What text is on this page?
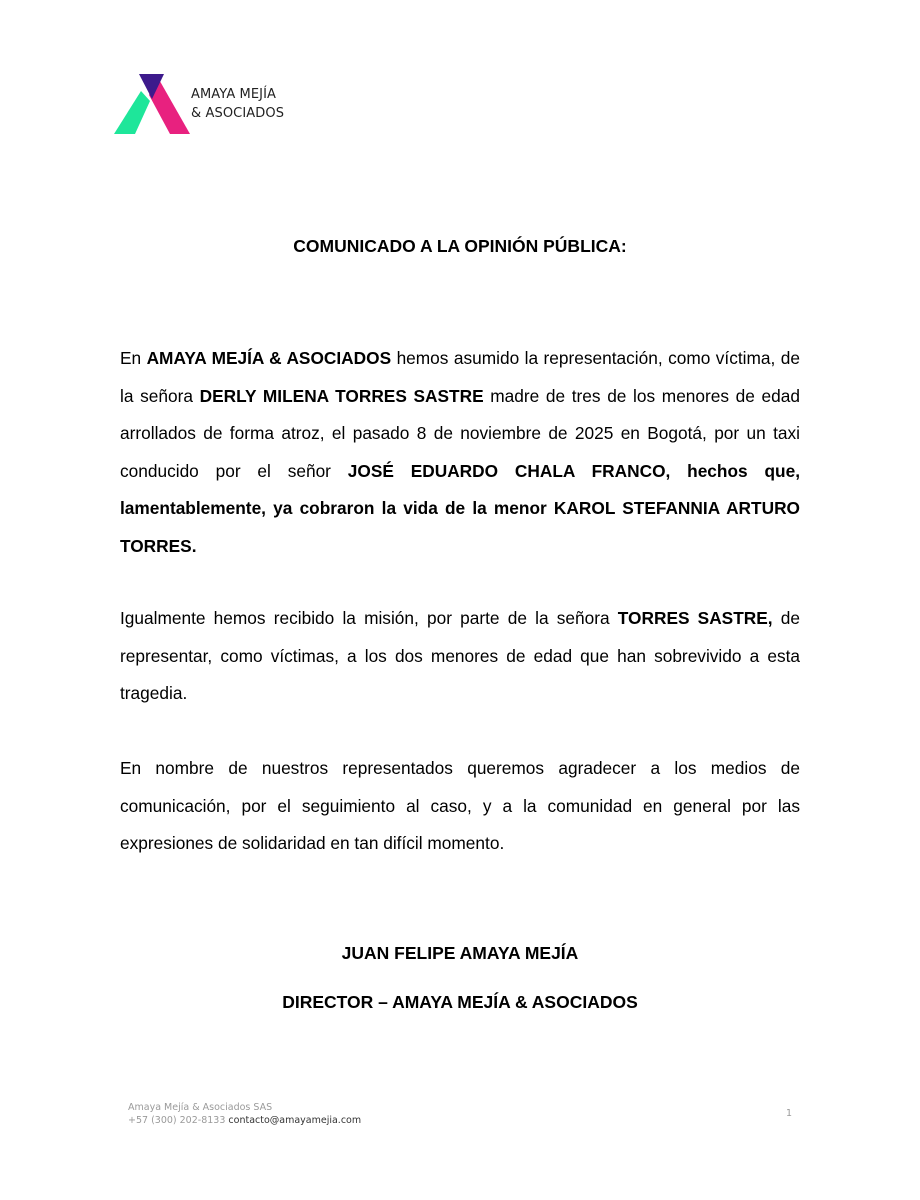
AMAYA MEJÍA
& ASOCIADOS
COMUNICADO A LA OPINIÓN PÚBLICA:
En AMAYA MEJÍA & ASOCIADOS hemos asumido la representación, como víctima, de la señora DERLY MILENA TORRES SASTRE madre de tres de los menores de edad arrollados de forma atroz, el pasado 8 de noviembre de 2025 en Bogotá, por un taxi conducido por el señor JOSÉ EDUARDO CHALA FRANCO, hechos que, lamentablemente, ya cobraron la vida de la menor KAROL STEFANNIA ARTURO TORRES.
Igualmente hemos recibido la misión, por parte de la señora TORRES SASTRE, de representar, como víctimas, a los dos menores de edad que han sobrevivido a esta tragedia.
En nombre de nuestros representados queremos agradecer a los medios de comunicación, por el seguimiento al caso, y a la comunidad en general por las expresiones de solidaridad en tan difícil momento.
JUAN FELIPE AMAYA MEJÍA
DIRECTOR – AMAYA MEJÍA & ASOCIADOS
Amaya Mejía & Asociados SAS
+57 (300) 202-8133 contacto@amayamejia.com
1
